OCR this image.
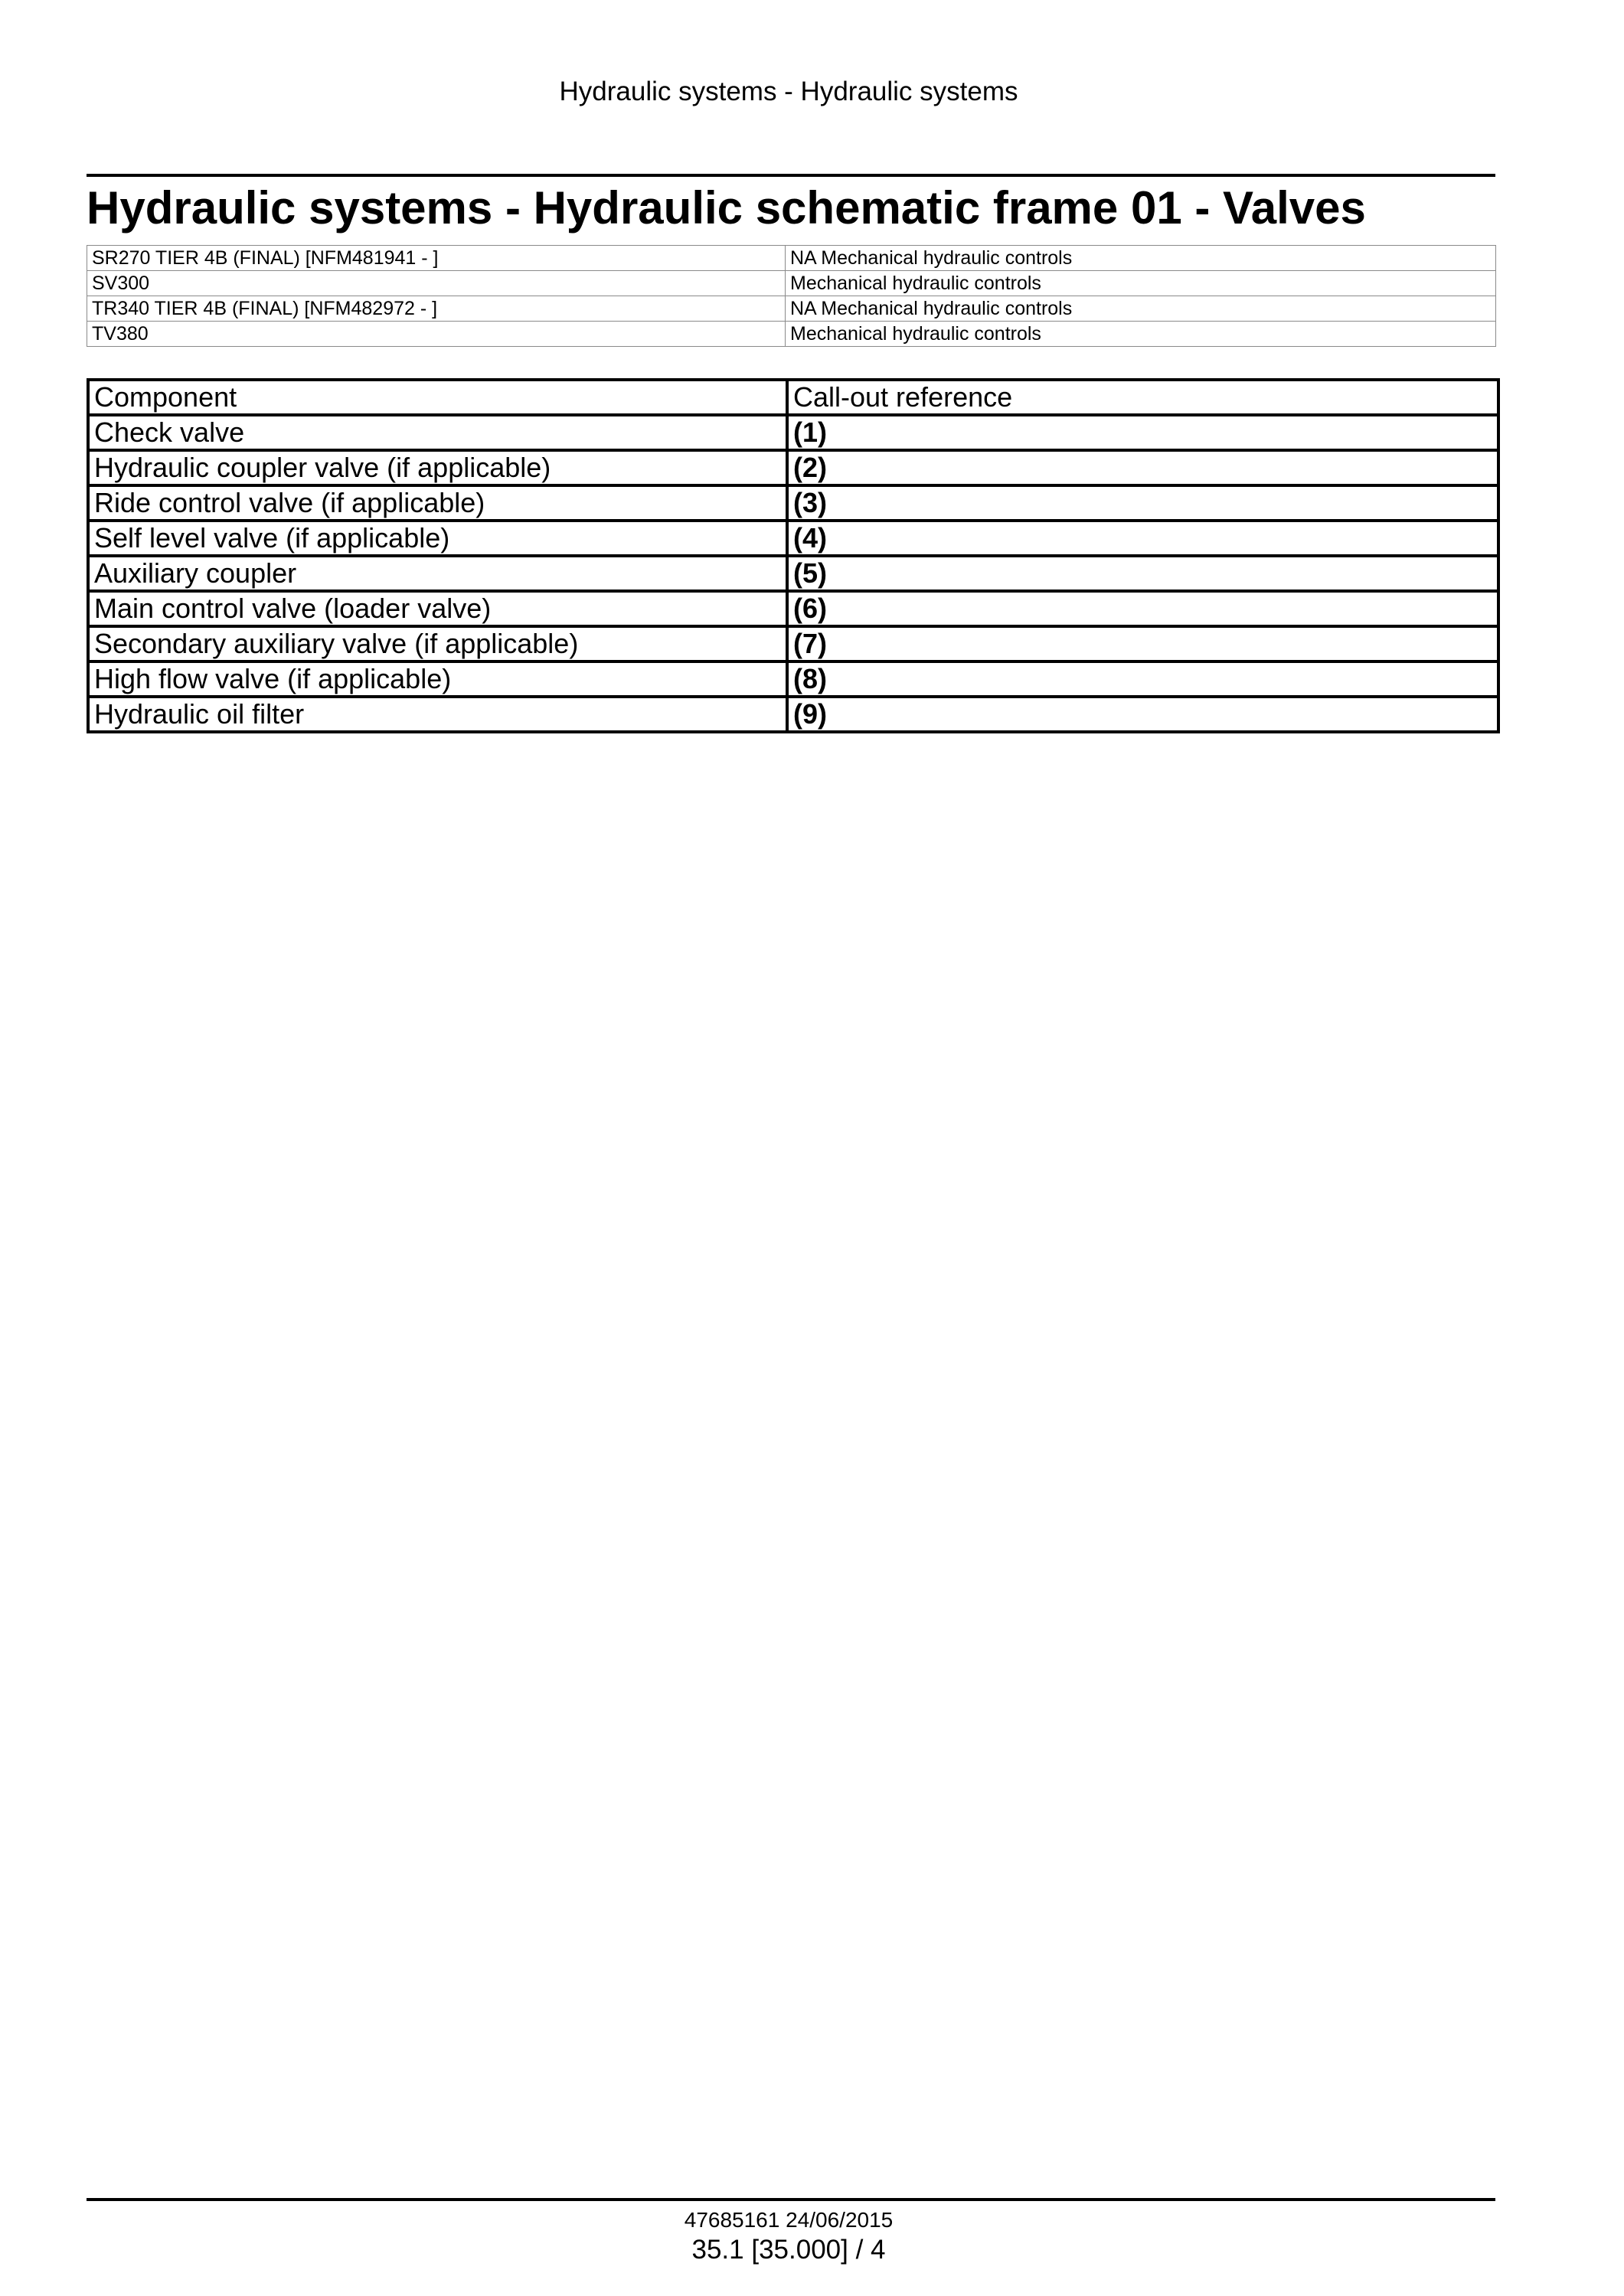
Hydraulic systems - Hydraulic systems
Hydraulic systems - Hydraulic schematic frame 01 - Valves
SR270 TIER 4B (FINAL) [NFM481941 - ]	NA Mechanical hydraulic controls
SV300	Mechanical hydraulic controls
TR340 TIER 4B (FINAL) [NFM482972 - ]	NA Mechanical hydraulic controls
TV380	Mechanical hydraulic controls
Component	Call-out reference
Check valve	(1)
Hydraulic coupler valve (if applicable)	(2)
Ride control valve (if applicable)	(3)
Self level valve (if applicable)	(4)
Auxiliary coupler	(5)
Main control valve (loader valve)	(6)
Secondary auxiliary valve (if applicable)	(7)
High flow valve (if applicable)	(8)
Hydraulic oil filter	(9)
47685161 24/06/2015
35.1 [35.000] / 4
